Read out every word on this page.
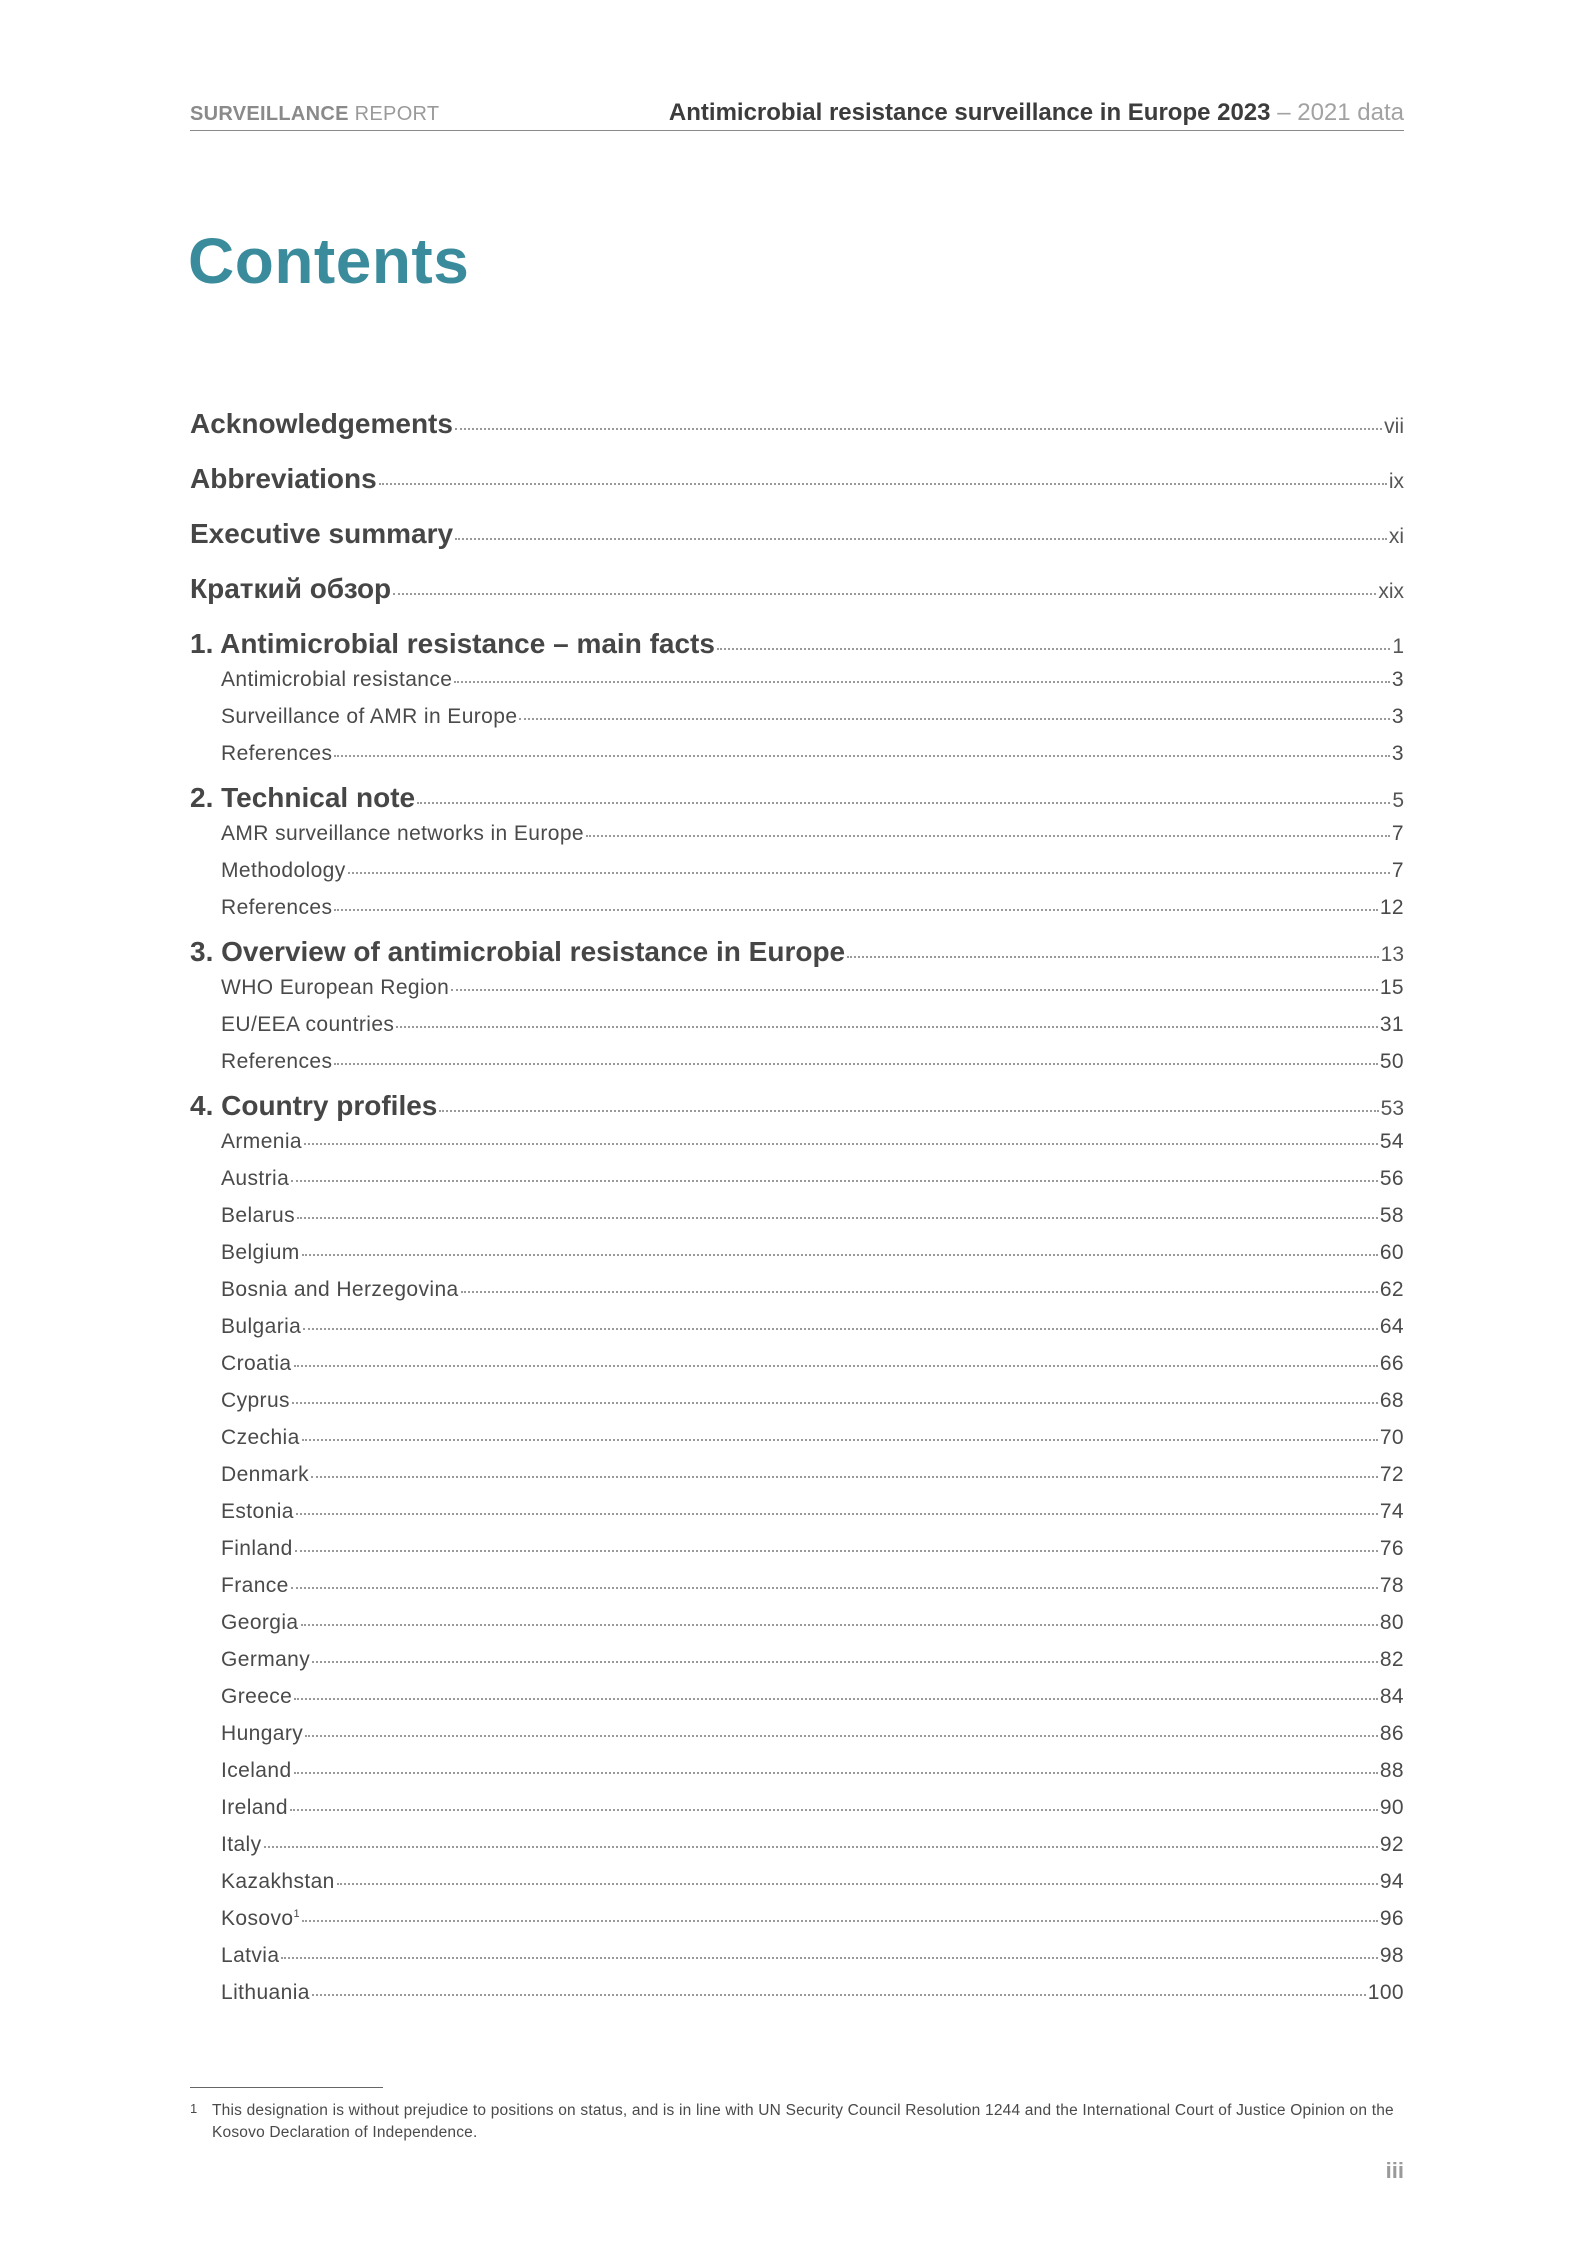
SURVEILLANCE REPORT	Antimicrobial resistance surveillance in Europe 2023 – 2021 data
Contents
Acknowledgements	vii
Abbreviations	ix
Executive summary	xi
Краткий обзор	xix
1. Antimicrobial resistance – main facts	1
Antimicrobial resistance	3
Surveillance of AMR in Europe	3
References	3
2. Technical note	5
AMR surveillance networks in Europe	7
Methodology	7
References	12
3. Overview of antimicrobial resistance in Europe	13
WHO European Region	15
EU/EEA countries	31
References	50
4. Country profiles	53
Armenia	54
Austria	56
Belarus	58
Belgium	60
Bosnia and Herzegovina	62
Bulgaria	64
Croatia	66
Cyprus	68
Czechia	70
Denmark	72
Estonia	74
Finland	76
France	78
Georgia	80
Germany	82
Greece	84
Hungary	86
Iceland	88
Ireland	90
Italy	92
Kazakhstan	94
Kosovo$^1$	96
Latvia	98
Lithuania	100
1 This designation is without prejudice to positions on status, and is in line with UN Security Council Resolution 1244 and the International Court of Justice Opinion on the Kosovo Declaration of Independence.
iii
